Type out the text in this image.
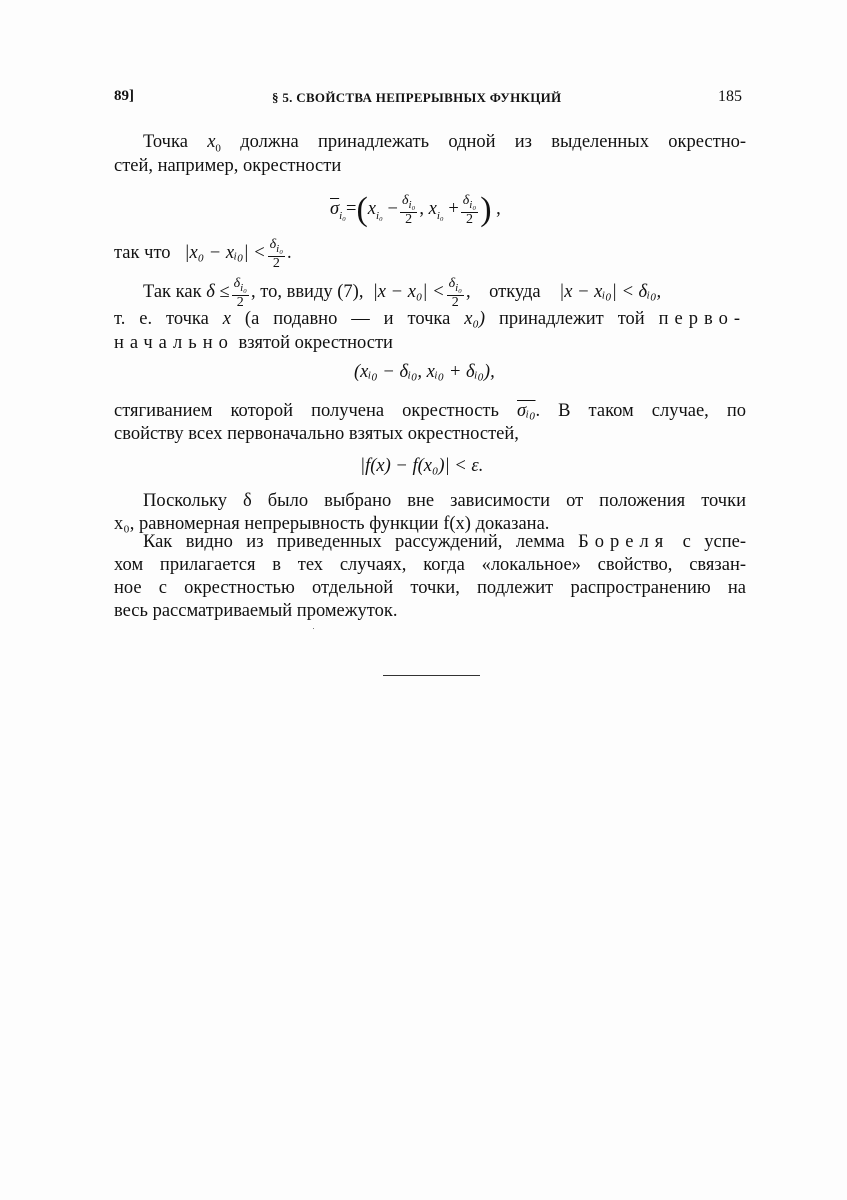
89]	§ 5. СВОЙСТВА НЕПРЕРЫВНЫХ ФУНКЦИЙ	185
Точка $x_0$ должна принадлежать одной из выделенных окрестно-
стей, например, окрестности
$\overline{\sigma}_{i_0}=(x_{i_0} - \frac{\delta_{i_0}}{2}$ , $x_{i_0} + \frac{\delta_{i_0}}{2}$ ) ,
так что |x₀ − xᵢ₀| < $\frac{\delta_{i_0}}{2}$ .
Так как $\delta \le \frac{\delta_{i_0}}{2}$ , то, ввиду (7), $|x - x_0| < \frac{\delta_{i_0}}{2}$ ,    откуда |x − xᵢ₀| < δᵢ₀,
т. е. точка x (а подавно — и точка x₀) принадлежит той перво-
начально взятой окрестности
(xᵢ₀ − δᵢ₀, xᵢ₀ + δᵢ₀),
стягиванием которой получена окрестность σᵢ₀. В таком случае, по
свойству всех первоначально взятых окрестностей,
|f(x) − f(x₀)| < ε.
Поскольку δ было выбрано вне зависимости от положения точки
x₀, равномерная непрерывность функции f(x) доказана.
Как видно из приведенных рассуждений, лемма Бореля с успе-
хом прилагается в тех случаях, когда «локальное» свойство, связан-
ное с окрестностью отдельной точки, подлежит распространению на
весь рассматриваемый промежуток.
